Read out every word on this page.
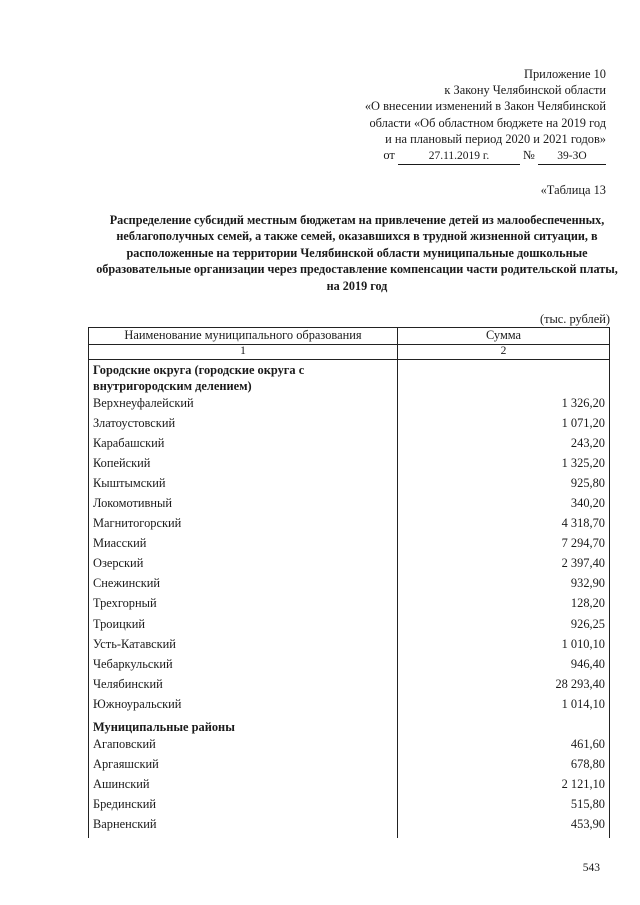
Приложение 10
к Закону Челябинской области
«О внесении изменений в Закон Челябинской
области «Об областном бюджете на 2019 год
и на плановый период 2020 и 2021 годов»
от	27.11.2019 г.	№ 39-ЗО
«Таблица 13
Распределение субсидий местным бюджетам на привлечение детей из малообеспеченных, неблагополучных семей, а также семей, оказавшихся в трудной жизненной ситуации, в расположенные на территории Челябинской области муниципальные дошкольные образовательные организации через предоставление компенсации части родительской платы, на 2019 год
(тыс. рублей)
Наименование муниципального образования	Сумма
1	2
Городские округа (городские округа с внутригородским делением)	
Верхнеуфалейский	1 326,20
Златоустовский	1 071,20
Карабашский	243,20
Копейский	1 325,20
Кыштымский	925,80
Локомотивный	340,20
Магнитогорский	4 318,70
Миасский	7 294,70
Озерский	2 397,40
Снежинский	932,90
Трехгорный	128,20
Троицкий	926,25
Усть-Катавский	1 010,10
Чебаркульский	946,40
Челябинский	28 293,40
Южноуральский	1 014,10
Муниципальные районы	
Агаповский	461,60
Аргаяшский	678,80
Ашинский	2 121,10
Брединский	515,80
Варненский	453,90
543
